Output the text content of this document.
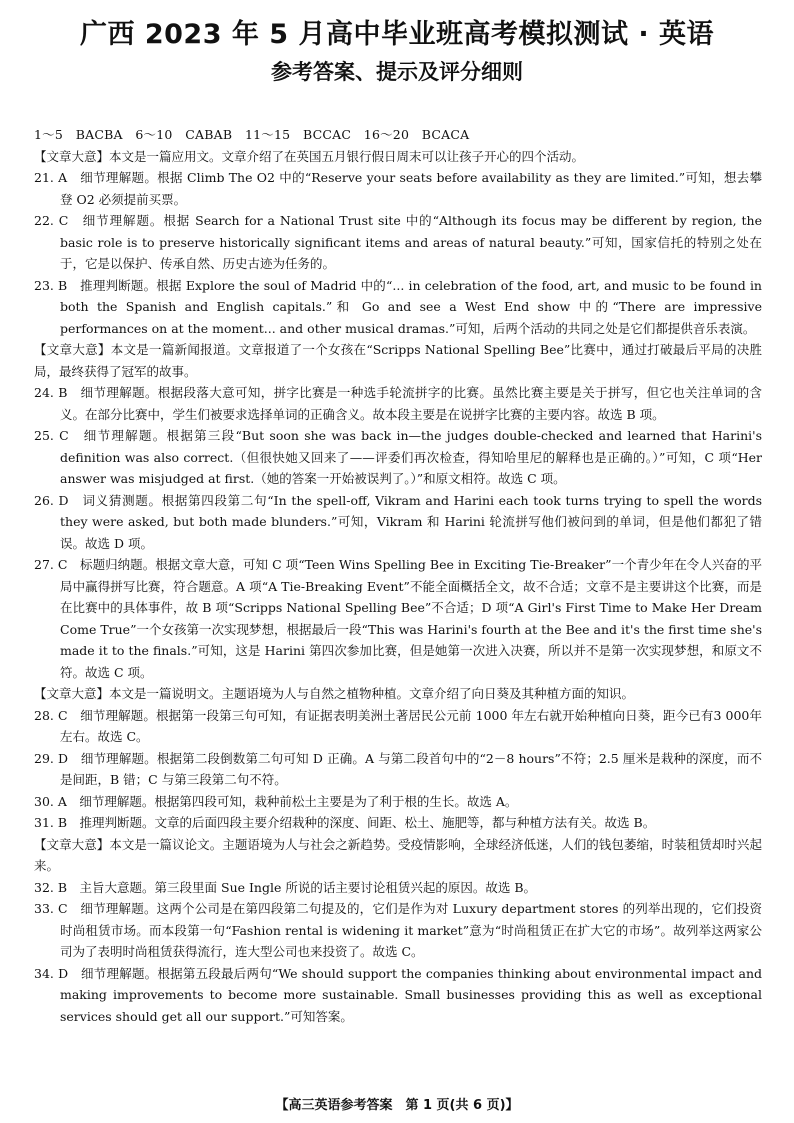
广西 2023 年 5 月高中毕业班高考模拟测试 · 英语
参考答案、提示及评分细则

1～5　BACBA　6～10　CABAB　11～15　BCCAC　16～20　BCACA

【文章大意】本文是一篇应用文。文章介绍了在英国五月银行假日周末可以让孩子开心的四个活动。

21. A　细节理解题。根据 Climb The O2 中的“Reserve your seats before availability as they are limited.”可知，想去攀登 O2 必须提前买票。

22. C　细节理解题。根据 Search for a National Trust site 中的“Although its focus may be different by region, the basic role is to preserve historically significant items and areas of natural beauty.”可知，国家信托的特别之处在于，它是以保护、传承自然、历史古迹为任务的。

23. B　推理判断题。根据 Explore the soul of Madrid 中的“... in celebration of the food, art, and music to be found in both the Spanish and English capitals.”和 Go and see a West End show 中的“There are impressive performances on at the moment... and other musical dramas.”可知，后两个活动的共同之处是它们都提供音乐表演。

【文章大意】本文是一篇新闻报道。文章报道了一个女孩在“Scripps National Spelling Bee”比赛中，通过打破最后平局的决胜局，最终获得了冠军的故事。

24. B　细节理解题。根据段落大意可知，拼字比赛是一种选手轮流拼字的比赛。虽然比赛主要是关于拼写，但它也关注单词的含义。在部分比赛中，学生们被要求选择单词的正确含义。故本段主要是在说拼字比赛的主要内容。故选 B 项。

25. C　细节理解题。根据第三段“But soon she was back in—the judges double-checked and learned that Harini's definition was also correct.（但很快她又回来了——评委们再次检查，得知哈里尼的解释也是正确的。）”可知，C 项“Her answer was misjudged at first.（她的答案一开始被误判了。）”和原文相符。故选 C 项。

26. D　词义猜测题。根据第四段第二句“In the spell-off, Vikram and Harini each took turns trying to spell the words they were asked, but both made blunders.”可知，Vikram 和 Harini 轮流拼写他们被问到的单词，但是他们都犯了错误。故选 D 项。

27. C　标题归纳题。根据文章大意，可知 C 项“Teen Wins Spelling Bee in Exciting Tie-Breaker”一个青少年在令人兴奋的平局中赢得拼写比赛，符合题意。A 项“A Tie-Breaking Event”不能全面概括全文，故不合适；文章不是主要讲这个比赛，而是在比赛中的具体事件，故 B 项“Scripps National Spelling Bee”不合适；D 项“A Girl's First Time to Make Her Dream Come True”一个女孩第一次实现梦想，根据最后一段“This was Harini's fourth at the Bee and it's the first time she's made it to the finals.”可知，这是 Harini 第四次参加比赛，但是她第一次进入决赛，所以并不是第一次实现梦想，和原文不符。故选 C 项。

【文章大意】本文是一篇说明文。主题语境为人与自然之植物种植。文章介绍了向日葵及其种植方面的知识。

28. C　细节理解题。根据第一段第三句可知，有证据表明美洲土著居民公元前 1000 年左右就开始种植向日葵，距今已有3 000年左右。故选 C。

29. D　细节理解题。根据第二段倒数第二句可知 D 正确。A 与第二段首句中的“2－8 hours”不符；2.5 厘米是栽种的深度，而不是间距，B 错；C 与第三段第二句不符。

30. A　细节理解题。根据第四段可知，栽种前松土主要是为了利于根的生长。故选 A。

31. B　推理判断题。文章的后面四段主要介绍栽种的深度、间距、松土、施肥等，都与种植方法有关。故选 B。

【文章大意】本文是一篇议论文。主题语境为人与社会之新趋势。受疫情影响，全球经济低迷，人们的钱包萎缩，时装租赁却时兴起来。

32. B　主旨大意题。第三段里面 Sue Ingle 所说的话主要讨论租赁兴起的原因。故选 B。

33. C　细节理解题。这两个公司是在第四段第二句提及的，它们是作为对 Luxury department stores 的列举出现的，它们投资时尚租赁市场。而本段第一句“Fashion rental is widening it market”意为“时尚租赁正在扩大它的市场”。故列举这两家公司为了表明时尚租赁获得流行，连大型公司也来投资了。故选 C。

34. D　细节理解题。根据第五段最后两句“We should support the companies thinking about environmental impact and making improvements to become more sustainable. Small businesses providing this as well as exceptional services should get all our support.”可知答案。

【高三英语参考答案　第 1 页(共 6 页)】
